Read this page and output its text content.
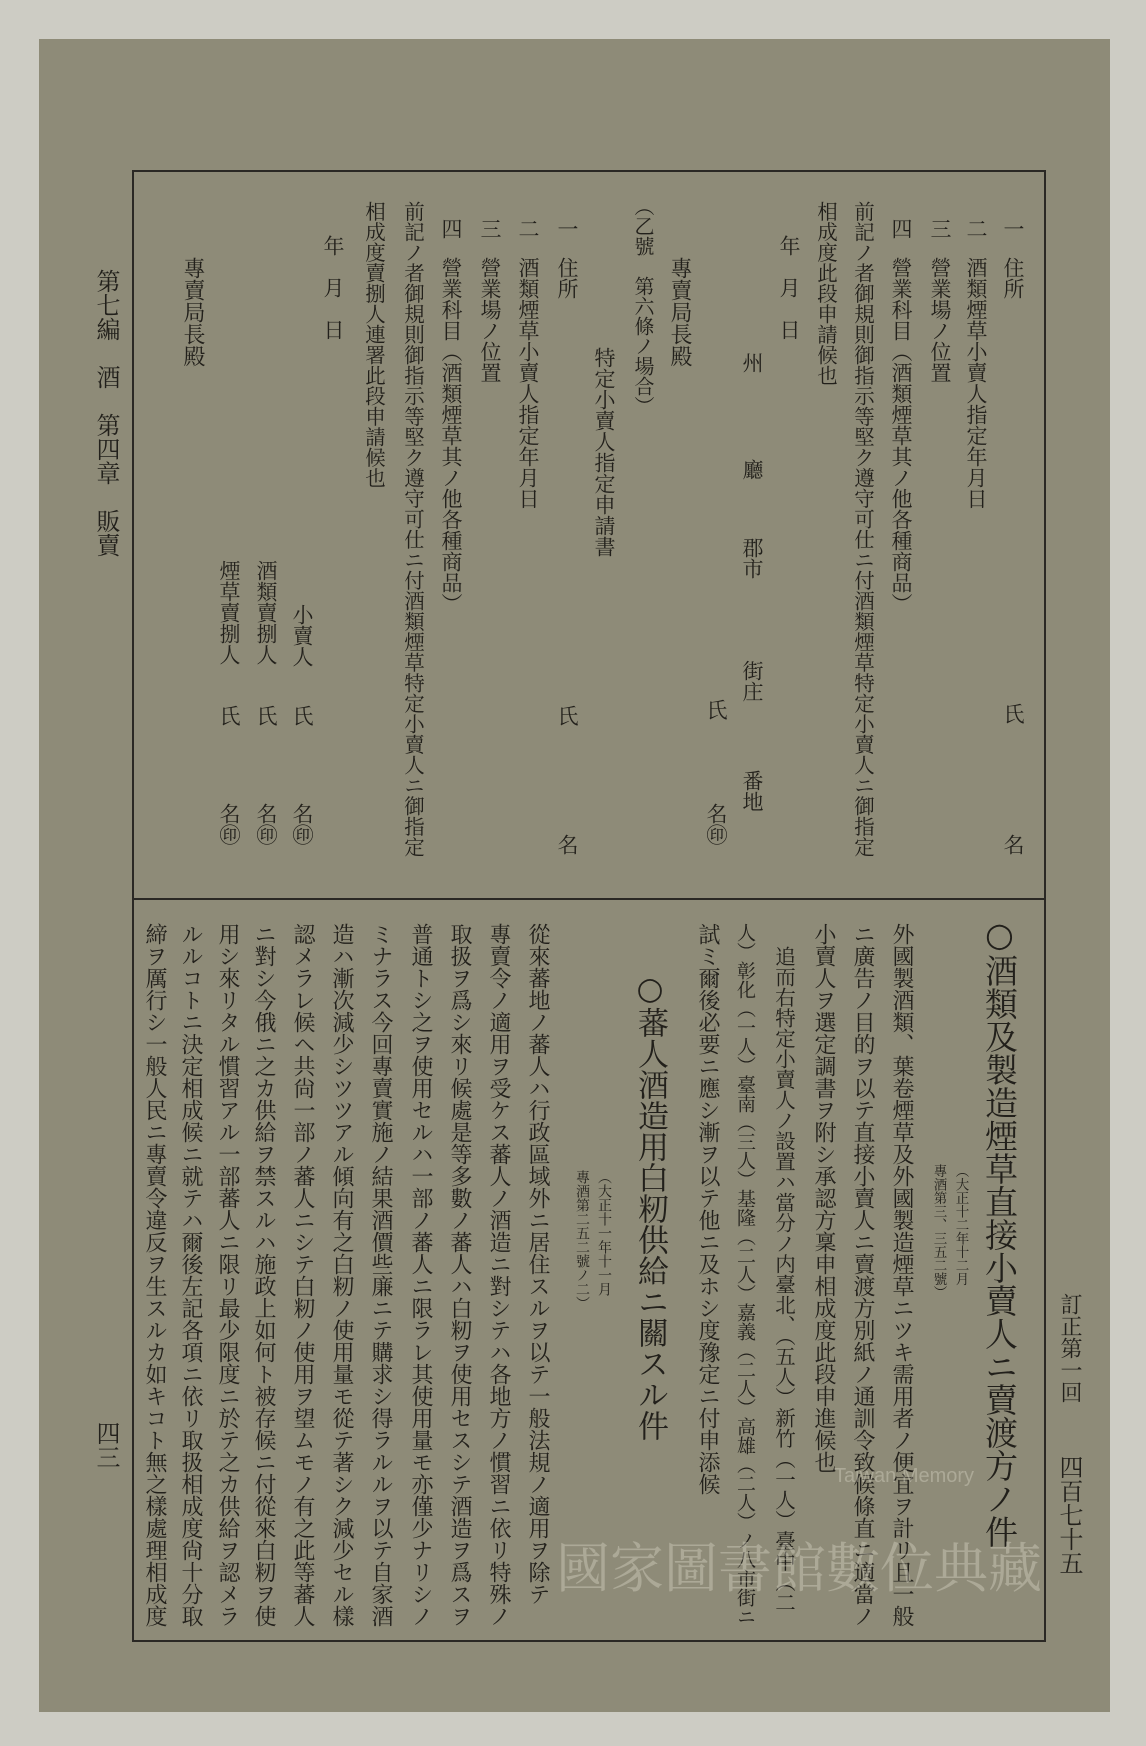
第七編　酒　第四章　販賣
四三
訂正第一回
四百七十五
一
住所
氏
名
二
酒類煙草小賣人指定年月日
三
營業場ノ位置
四
營業科目（酒類煙草其ノ他各種商品）
前記ノ者御規則御指示等堅ク遵守可仕ニ付酒類煙草特定小賣人ニ御指定
相成度此段申請候也
年　月　日
州
廳
郡市
街庄
番地
氏
名㊞
專賣局長殿
（乙號　第六條ノ場合）
特定小賣人指定申請書
一
住所
氏
名
二
酒類煙草小賣人指定年月日
三
營業場ノ位置
四
營業科目（酒類煙草其ノ他各種商品）
前記ノ者御規則御指示等堅ク遵守可仕ニ付酒類煙草特定小賣人ニ御指定
相成度賣捌人連署此段申請候也
年　月　日
小賣人
氏
名㊞
酒類賣捌人
氏
名㊞
煙草賣捌人
氏
名㊞
專賣局長殿
○酒類及製造煙草直接小賣人ニ賣渡方ノ件
（大正十二年十二月
專酒第三、三五二號）
外國製酒類、葉卷煙草及外國製造煙草ニツキ需用者ノ便宜ヲ計リ且一般
ニ廣告ノ目的ヲ以テ直接小賣人ニ賣渡方別紙ノ通訓令致候條直ニ適當ノ
小賣人ヲ選定調書ヲ附シ承認方稟申相成度此段申進候也
追而右特定小賣人ノ設置ハ當分ノ内臺北、（五人）新竹（一人）臺中（二
人）彰化（一人）臺南（三人）基隆（二人）嘉義（二人）高雄（二人）ノ八市街ニ
試ミ爾後必要ニ應シ漸ヲ以テ他ニ及ホシ度豫定ニ付申添候
○蕃人酒造用白籾供給ニ關スル件
（大正十一年十一月
專酒第二五二號ノ二）
從來蕃地ノ蕃人ハ行政區域外ニ居住スルヲ以テ一般法規ノ適用ヲ除テ
專賣令ノ適用ヲ受ケス蕃人ノ酒造ニ對シテハ各地方ノ慣習ニ依リ特殊ノ
取扱ヲ爲シ來リ候處是等多數ノ蕃人ハ白籾ヲ使用セスシテ酒造ヲ爲スヲ
普通トシ之ヲ使用セルハ一部ノ蕃人ニ限ラレ其使用量モ亦僅少ナリシノ
ミナラス今回專賣實施ノ結果酒價些廉ニテ購求シ得ラルルヲ以テ自家酒
造ハ漸次減少シツツアル傾向有之白籾ノ使用量モ從テ著シク減少セル樣
認メラレ候ヘ共尙一部ノ蕃人ニシテ白籾ノ使用ヲ望ムモノ有之此等蕃人
ニ對シ今俄ニ之カ供給ヲ禁スルハ施政上如何ト被存候ニ付從來白籾ヲ使
用シ來リタル慣習アル一部蕃人ニ限リ最少限度ニ於テ之カ供給ヲ認メラ
ルルコトニ決定相成候ニ就テハ爾後左記各項ニ依リ取扱相成度尙十分取
締ヲ厲行シ一般人民ニ專賣令違反ヲ生スルカ如キコト無之樣處理相成度	Taiwan Memory
國家圖書館數位典藏
